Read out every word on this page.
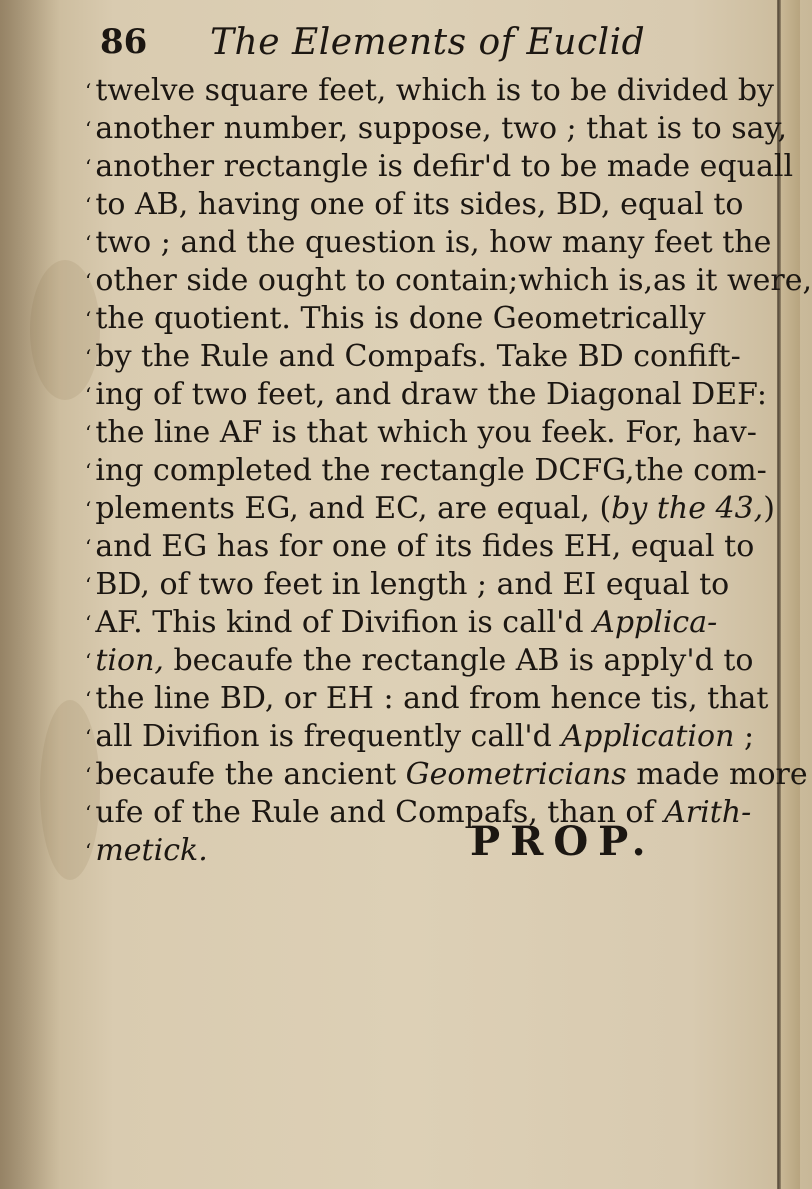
86 The Elements of Euclid
‘ twelve square feet, which is to be divided by
‘ another number, suppose, two ; that is to say,
‘ another rectangle is defir'd to be made equall
‘ to AB, having one of its sides, BD, equal to
‘ two ; and the question is, how many feet the
‘ other side ought to contain;which is,as it were,
‘ the quotient. This is done Geometrically
‘ by the Rule and Compafs. Take BD confift-
‘ ing of two feet, and draw the Diagonal DEF:
‘ the line AF is that which you feek. For, hav-
‘ ing completed the rectangle DCFG,the com-
‘ plements EG, and EC, are equal, (by the 43,)
‘ and EG has for one of its fides EH, equal to
‘ BD, of two feet in length ; and EI equal to
‘ AF. This kind of Divifion is call'd Applica-
‘ tion, becaufe the rectangle AB is apply'd to
‘ the line BD, or EH : and from hence tis, that
‘ all Divifion is frequently call'd Application ;
‘ becaufe the ancient Geometricians made more
‘ ufe of the Rule and Compafs, than of Arith-
‘ metick.	PROP.
